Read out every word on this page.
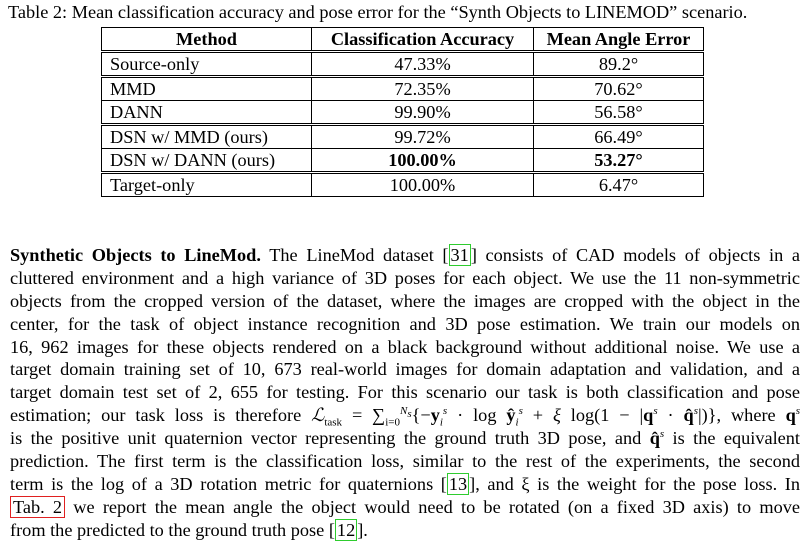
Table 2: Mean classification accuracy and pose error for the “Synth Objects to LINEMOD” scenario.
Method	Classification Accuracy	Mean Angle Error
Source-only	47.33%	89.2°
MMD	72.35%	70.62°
DANN	99.90%	56.58°
DSN w/ MMD (ours)	99.72%	66.49°
DSN w/ DANN (ours)	100.00%	53.27°
Target-only	100.00%	6.47°
Synthetic Objects to LineMod. The LineMod dataset [ 31 ] consists of CAD models of objects in a
cluttered environment and a high variance of 3D poses for each object. We use the 11 non-symmetric
objects from the cropped version of the dataset, where the images are cropped with the object in the
center, for the task of object instance recognition and 3D pose estimation. We train our models on
16, 962 images for these objects rendered on a black background without additional noise. We use a
target domain training set of 10, 673 real-world images for domain adaptation and validation, and a
target domain test set of 2, 655 for testing. For this scenario our task is both classification and pose
estimation; our task loss is therefore ℒ$_{task}$ = $\sum_{i=0}^{N_s}\{-y_i^s \cdot \log$ $ŷ_i^s + \xi$ $\log(1 - |q^s$ · q̂$^s$|)}, where $q^s$
is the positive unit quaternion vector representing the ground truth 3D pose, and q̂$^s$ is the equivalent
prediction. The first term is the classification loss, similar to the rest of the experiments, the second
term is the log of a 3D rotation metric for quaternions [ 13 ], and ξ is the weight for the pose loss. In
Tab. 2 we report the mean angle the object would need to be rotated (on a fixed 3D axis) to move
from the predicted to the ground truth pose [ 12 ].
